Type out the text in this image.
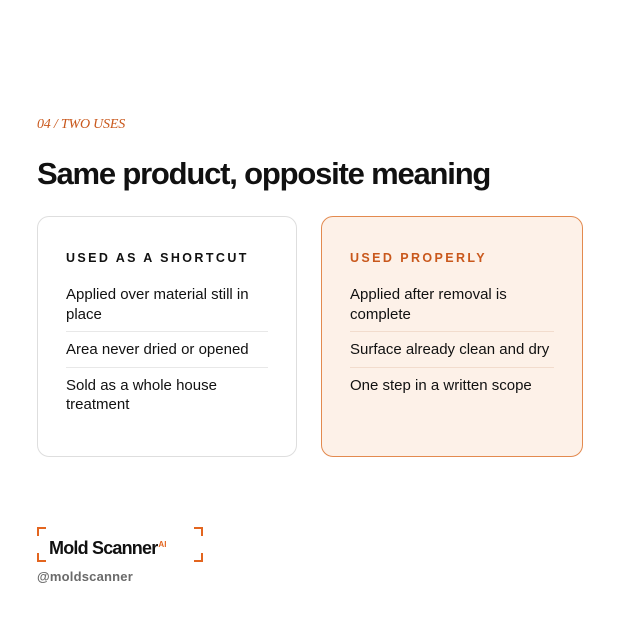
04 / TWO USES
Same product, opposite meaning
USED AS A SHORTCUT
Applied over material still in place
Area never dried or opened
Sold as a whole house treatment
USED PROPERLY
Applied after removal is complete
Surface already clean and dry
One step in a written scope
Mold Scanner$^{AI}$
@moldscanner
